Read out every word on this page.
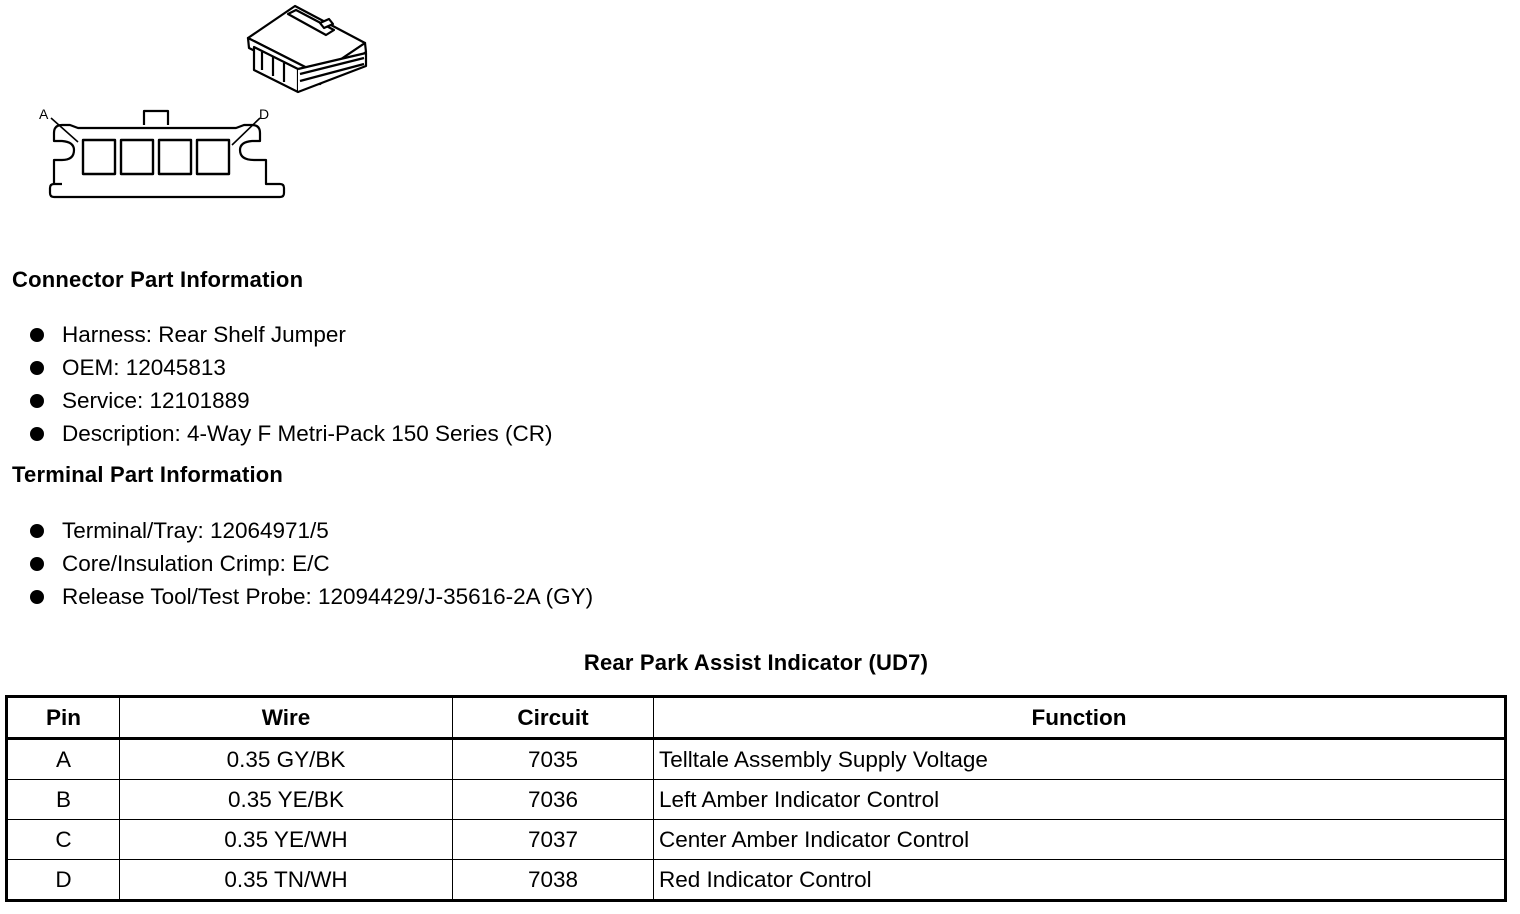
A	D
Connector Part Information
Harness: Rear Shelf Jumper
OEM: 12045813
Service: 12101889
Description: 4-Way F Metri-Pack 150 Series (CR)
Terminal Part Information
Terminal/Tray: 12064971/5
Core/Insulation Crimp: E/C
Release Tool/Test Probe: 12094429/J-35616-2A (GY)
Rear Park Assist Indicator (UD7)
Pin	Wire	Circuit	Function
A	0.35 GY/BK	7035	Telltale Assembly Supply Voltage
B	0.35 YE/BK	7036	Left Amber Indicator Control
C	0.35 YE/WH	7037	Center Amber Indicator Control
D	0.35 TN/WH	7038	Red Indicator Control
